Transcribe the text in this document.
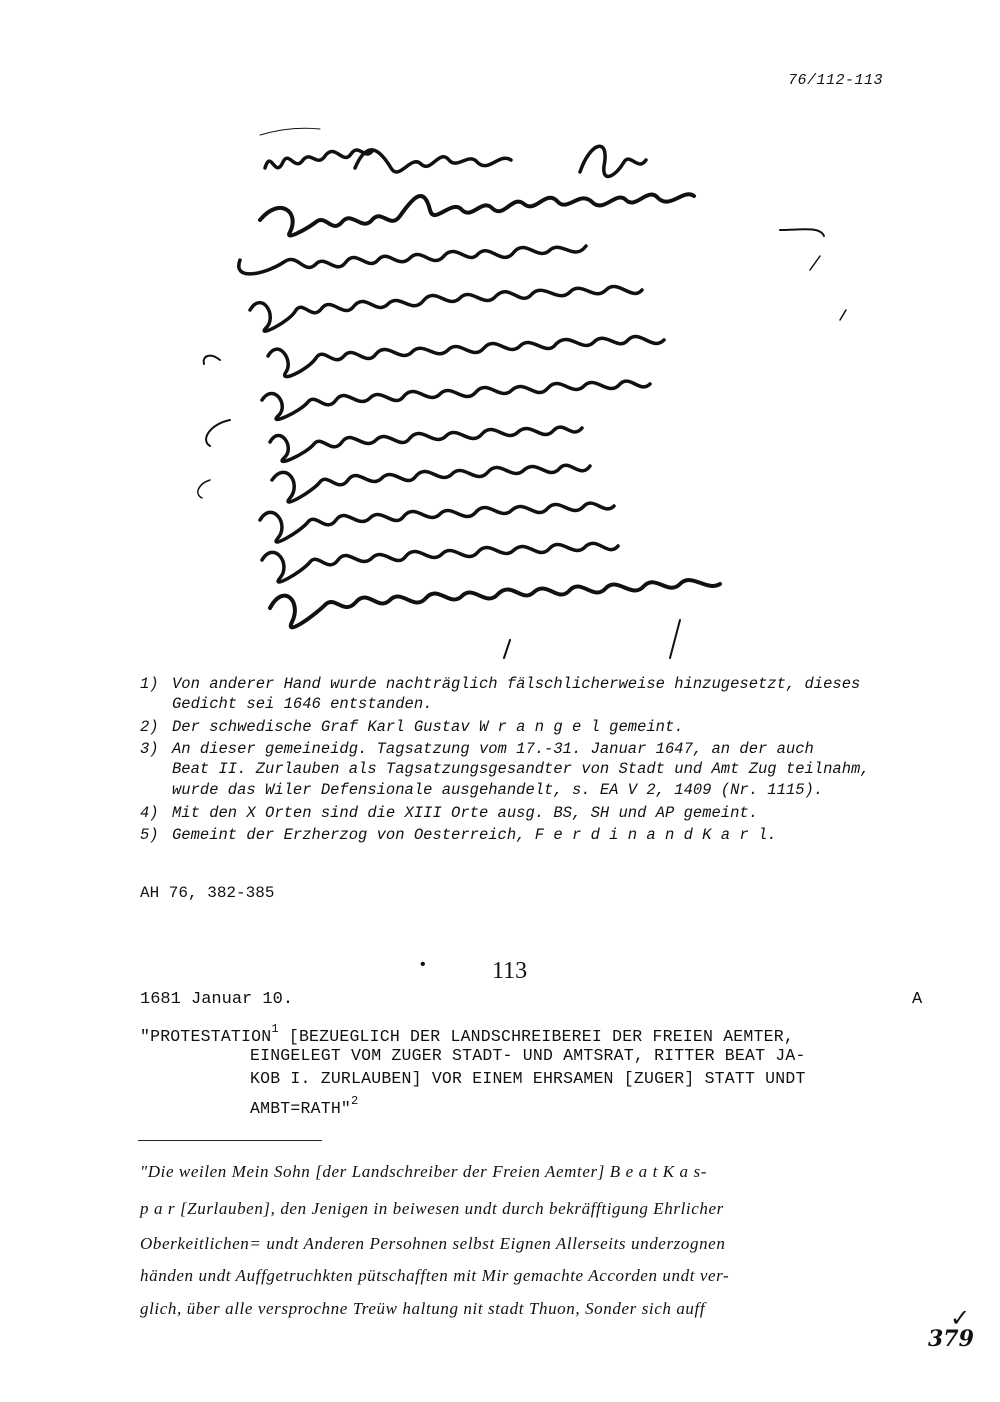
76/112-113
1) Von anderer Hand wurde nachträglich fälschlicherweise hinzugesetzt, dieses
Gedicht sei 1646 entstanden.
2) Der schwedische Graf Karl Gustav W r a n g e l gemeint.
3) An dieser gemeineidg. Tagsatzung vom 17.-31. Januar 1647, an der auch
Beat II. Zurlauben als Tagsatzungsgesandter von Stadt und Amt Zug teilnahm,
wurde das Wiler Defensionale ausgehandelt, s. EA V 2, 1409 (Nr. 1115).
4) Mit den X Orten sind die XIII Orte ausg. BS, SH und AP gemeint.
5) Gemeint der Erzherzog von Oesterreich, F e r d i n a n d K a r l.
AH 76, 382-385
•	113
1681 Januar 10.	A
"PROTESTATION$^1$ [BEZUEGLICH DER LANDSCHREIBEREI DER FREIEN AEMTER,
EINGELEGT VOM ZUGER STADT- UND AMTSRAT, RITTER BEAT JA-
KOB I. ZURLAUBEN] VOR EINEM EHRSAMEN [ZUGER] STATT UNDT
AMBT=RATH"$^2$
"Die weilen Mein Sohn [der Landschreiber der Freien Aemter] B e a t K a s-
p a r [Zurlauben], den Jenigen in beiwesen undt durch bekräfftigung Ehrlicher
Oberkeitlichen= undt Anderen Persohnen selbst Eignen Allerseits underzognen
händen undt Auffgetruchkten pütschafften mit Mir gemachte Accorden undt ver-
glich, über alle versprochne Treüw haltung nit stadt Thuon, Sonder sich auff	✓
379
